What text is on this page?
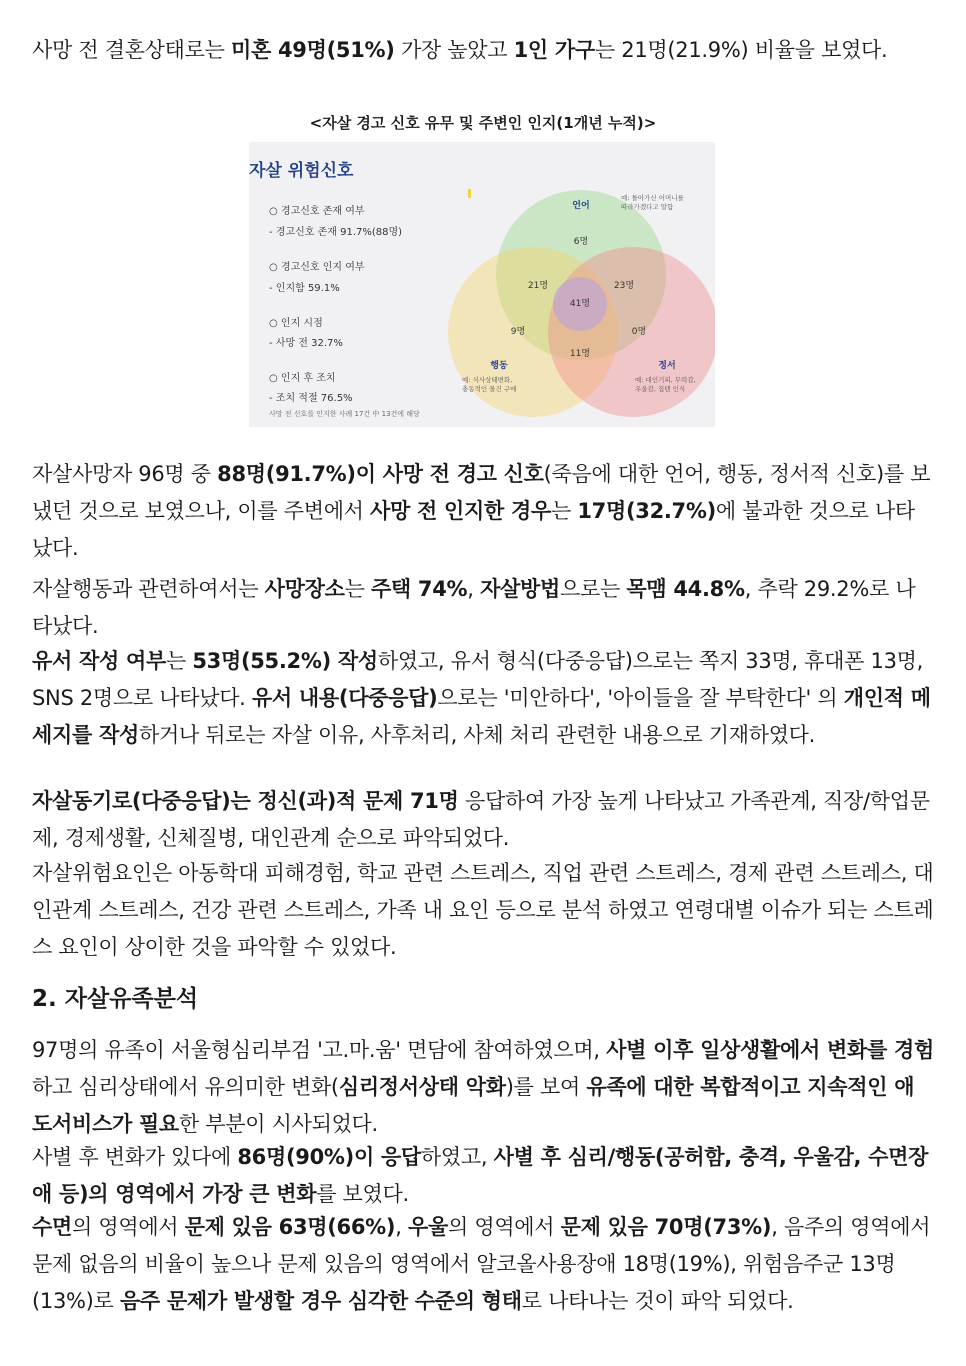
사망 전 결혼상태로는 미혼 49명(51%) 가장 높았고 1인 가구는 21명(21.9%) 비율을 보였다.

<자살 경고 신호 유무 및 주변인 인지(1개년 누적)>
자살 위험신호
○ 경고신호 존재 여부
- 경고신호 존재 91.7%(88명)
○ 경고신호 인지 여부
- 인지함 59.1%
○ 인지 시점
- 사망 전 32.7%
○ 인지 후 조치
- 조치 적절 76.5%
사망 전 신호를 인지한 사례 17건 中 13건에 해당
언어
행동	정서
6명
21명	23명
41명
9명	0명
11명
예: 돌아가신 어머니를
따라가겠다고 말함
예: 식사상태변화,
충동적인 물건 구매
예: 대인기피, 무력감,
우울감, 집텐 인식

자살사망자 96명 중 88명(91.7%)이 사망 전 경고 신호(죽음에 대한 언어, 행동, 정서적 신호)를 보냈던 것으로 보였으나, 이를 주변에서 사망 전 인지한 경우는 17명(32.7%)에 불과한 것으로 나타났다.

자살행동과 관련하여서는 사망장소는 주택 74%, 자살방법으로는 목맴 44.8%, 추락 29.2%로 나타났다.

유서 작성 여부는 53명(55.2%) 작성하였고, 유서 형식(다중응답)으로는 쪽지 33명, 휴대폰 13명, SNS 2명으로 나타났다. 유서 내용(다중응답)으로는 '미안하다', '아이들을 잘 부탁한다' 의 개인적 메세지를 작성하거나 뒤로는 자살 이유, 사후처리, 사체 처리 관련한 내용으로 기재하였다.

자살동기로(다중응답)는 정신(과)적 문제 71명 응답하여 가장 높게 나타났고 가족관계, 직장/학업문제, 경제생활, 신체질병, 대인관계 순으로 파악되었다.

자살위험요인은 아동학대 피해경험, 학교 관련 스트레스, 직업 관련 스트레스, 경제 관련 스트레스, 대인관계 스트레스, 건강 관련 스트레스, 가족 내 요인 등으로 분석 하였고 연령대별 이슈가 되는 스트레스 요인이 상이한 것을 파악할 수 있었다.

2. 자살유족분석

97명의 유족이 서울형심리부검 '고.마.움' 면담에 참여하였으며, 사별 이후 일상생활에서 변화를 경험하고 심리상태에서 유의미한 변화(심리정서상태 악화)를 보여 유족에 대한 복합적이고 지속적인 애도서비스가 필요한 부분이 시사되었다.

사별 후 변화가 있다에 86명(90%)이 응답하였고, 사별 후 심리/행동(공허함, 충격, 우울감, 수면장애 등)의 영역에서 가장 큰 변화를 보였다.

수면의 영역에서 문제 있음 63명(66%), 우울의 영역에서 문제 있음 70명(73%), 음주의 영역에서 문제 없음의 비율이 높으나 문제 있음의 영역에서 알코올사용장애 18명(19%), 위험음주군 13명(13%)로 음주 문제가 발생할 경우 심각한 수준의 형태로 나타나는 것이 파악 되었다.
